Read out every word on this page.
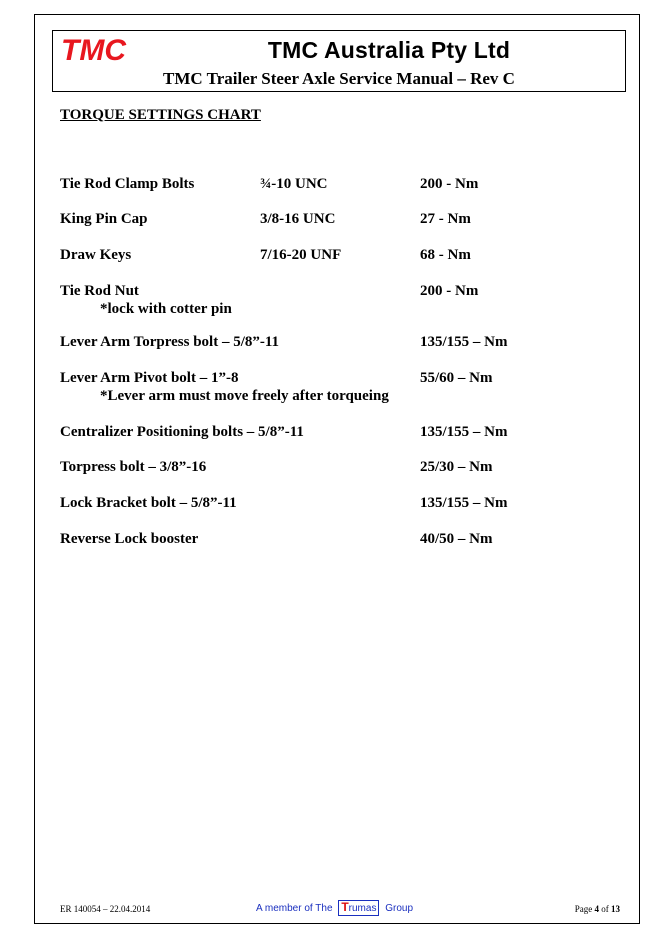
TMC	TMC Australia Pty Ltd
TMC Trailer Steer Axle Service Manual – Rev C
TORQUE SETTINGS CHART
Tie Rod Clamp Bolts	¾-10 UNC	200 - Nm
King Pin Cap	3/8-16 UNC	27 - Nm
Draw Keys	7/16-20 UNF	68 - Nm
Tie Rod Nut	200 - Nm
*lock with cotter pin
Lever Arm Torpress bolt – 5/8”-11	135/155 – Nm
Lever Arm Pivot bolt – 1”-8	55/60 – Nm
*Lever arm must move freely after torqueing
Centralizer Positioning bolts – 5/8”-11	135/155 – Nm
Torpress bolt – 3/8”-16	25/30 – Nm
Lock Bracket bolt – 5/8”-11	135/155 – Nm
Reverse Lock booster	40/50 – Nm
ER 140054 – 22.04.2014	A member of The Trumas Group	Page 4 of 13
